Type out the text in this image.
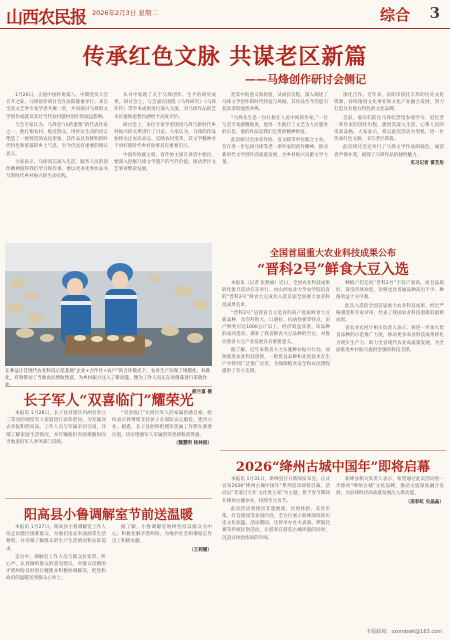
山西农民报 2026年2月3日 星期二	综合 3
传承红色文脉 共谋老区新篇
——马烽创作研讨会侧记

1月26日，正值中国作协第八、中期党员大会召开之际，马烽创作研讨会在汾阳隆重举行。来自全省文艺界专家学者共聚一堂，共同探讨马烽的文学创作成就及其对当代农村题材创作的深远影响。

与会专家认为，马烽是“山药蛋派”的代表作家之一，他扎根农村、贴近群众，用朴实生动的语言塑造了一批鲜活的农民形象，其作品具有鲜明的时代特色和浓郁的乡土气息，至今仍具有重要的现实意义。

大家表示，马烽同志深入生活、服务人民的创作精神值得我们学习和传承，要以更多优秀作品书写新时代乡村振兴的生动实践。

从书中发现了关于马烽创作、生平的研究成果。研讨会上，与会嘉宾围绕《马烽研究》《马烽评传》等学术成果进行深入交流，对马烽作品的艺术价值和思想内涵给予高度评价。

研讨会上，多位专家学者围绕马烽与新时代乡村振兴的关系进行了讨论。大家认为，马烽的作品始终关注农民命运、反映农村变革，其文学精神对于讲好新时代乡村故事具有重要启示。

中国作协副主席、省作协主席在讲话中指出，要深入挖掘马烽文学遗产的当代价值，推动老区文艺事业繁荣发展。

把其中的意义和价值，从成长历程，深入阐述了马烽文学创作的时代特征与风格，其作品至今仍能引起读者的强烈共鸣。

“马烽先生是一位扎根在人民中间的作家。”一位与会专家感慨地说，他用一生践行了文艺为人民服务的宗旨，他的作品是我们宝贵的精神财富。

此次研讨会由省作协、省文联等单位联合主办，旨在进一步弘扬马烽等老一辈作家的创作精神，推动新时代文学创作高质量发展，为乡村振兴贡献文学力量。

深化合作。近年来，汾阳市依托丰厚的历史文化资源，持续推进文化事业和文化产业融合发展，努力打造具有地方特色的文化品牌。

会前，嘉宾们前往马烽纪念馆参观学习，追忆老一辈作家的创作历程，感悟其深入生活、心系人民的崇高品格。大家表示，将以此次活动为契机，进一步传承红色文脉，书写老区新篇。

此次研讨会还举行了马烽文学作品朗诵会，诵读者声情并茂，展现了马烽作品的独特魅力。

见习记者 雷芝彤

在乘益正佳现代农业科技示范基地“企业+合作社+农户”的合作模式下，农业生产实现了规模化、标准化，有效带动了当地农民增收致富，为乡村振兴注入了新动能。图为工作人员正在对菌菇进行采收作业。
郝兰富 摄
全国首届重大农业科技成果公布
“晋科2号”鲜食大豆入选

本报讯（记者 张燕丽）近日，全国农业科技成果转化推介活动在京举行。由山西农业大学农学院培育的“晋科2号”鲜食大豆成功入选首届全国重大农业科技成果名单。

“晋科2号”是我省自主选育的高产优质鲜食大豆新品种，具有籽粒大、口感好、抗病性强等特点，亩产鲜荚可达1000公斤以上，经济效益显著。该品种的成功选育，填补了我省鲜食大豆品种的空白，对推动我省大豆产业发展具有重要意义。

据了解，近年来我省大力实施种业振兴行动，加快推进农业科技创新，一批优良品种和先进技术在生产中得到广泛推广应用，为保障粮食安全和农民增收提供了有力支撑。

种植户们还说“晋科2号”不仅产量高，而且品质好，深受市场欢迎，价格也比普通品种高出不少，种植效益十分可观。

此次入选的全国首届重大农业科技成果，经过严格遴选和专家评审，代表了我国农业科技创新的最新成果。

省农业农村厅相关负责人表示，将进一步加大优良品种的示范推广力度，推动更多农业科技成果转化为现实生产力，助力全省现代农业高质量发展，为全面推进乡村振兴提供坚强的科技支撑。

长子军人“双喜临门”耀荣光

本报讯 1月28日，长子县对辖区内两名荣立三等功的现役军人家庭进行表彰慰问，为军属送去喜报和慰问品。工作人员与军属亲切交谈，详细了解家庭生活情况，并叮嘱他们有困难随时向当地退役军人事务部门反映。

“双喜临门”让两位军人的家属倍感自豪，纷纷表示将继续支持孩子在部队安心服役、建功立业。据悉，长子县始终把拥军优属工作摆在重要位置，切实增强军人军属的荣誉感和获得感。

（魏慧明 杨林振）

阳高县小鲁调解室节前送温暖

本报讯 1月27日，阳高县小鲁调解室工作人员走访辖区困难群众，为他们送去米面油等生活物资，并详细了解群众的生产生活情况和实际需求。

走访中，调解室工作人员与群众拉家常、听心声，认真倾听群众的意见建议，对群众反映的矛盾纠纷及时进行梳理并积极协调解决，把党和政府的温暖送到群众心坎上。

据了解，小鲁调解室始终坚持以群众为中心，积极化解矛盾纠纷，为维护社会和谐稳定作出了积极贡献。

（王莉娜）

2026“绛州古城中国年”即将启幕

本报讯 1月31日，新绛县召开新闻发布会，正式宣布2026“绛州古城中国年”系列活动即将启幕。活动以“非遗过大年 文化进万家”为主题，将于春节期间在绛州古城举办，持续至元宵节。

此次活动将推出非遗展演、民俗体验、美食市集、灯会游园等多项内容，全方位展示新绛深厚的历史文化底蕴。活动期间，还将举办社火表演、锣鼓比赛等传统民俗活动，让游客在游览古城风貌的同时，沉浸式体验浓浓的年味。

新绛县相关负责人表示，希望通过此次活动进一步擦亮“绛州古城”文化品牌，推动文旅深度融合发展，为县域经济高质量发展注入新动能。

（庞彩虹 史晶晶）

本版邮箱：sxnmbwk@163.com
